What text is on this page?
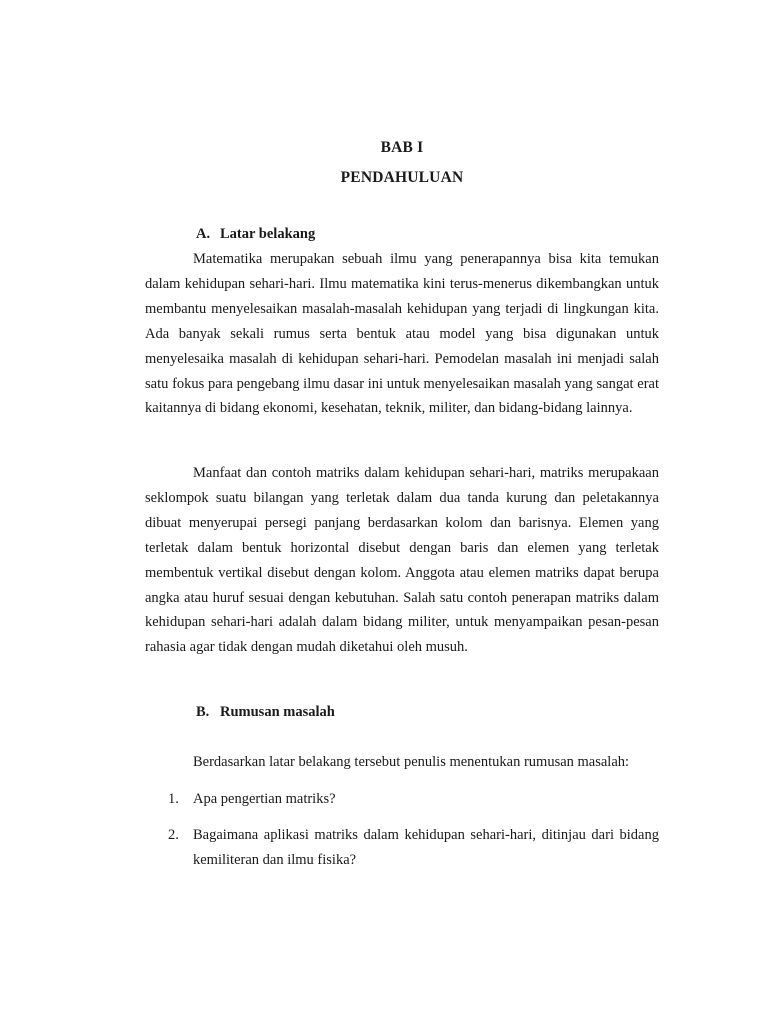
BAB I
PENDAHULUAN
A. Latar belakang

Matematika merupakan sebuah ilmu yang penerapannya bisa kita temukan dalam kehidupan sehari-hari. Ilmu matematika kini terus-menerus dikembangkan untuk membantu menyelesaikan masalah-masalah kehidupan yang terjadi di lingkungan kita. Ada banyak sekali rumus serta bentuk atau model yang bisa digunakan untuk menyelesaika masalah di kehidupan sehari-hari. Pemodelan masalah ini menjadi salah satu fokus para pengebang ilmu dasar ini untuk menyelesaikan masalah yang sangat erat kaitannya di bidang ekonomi, kesehatan, teknik, militer, dan bidang-bidang lainnya.

Manfaat dan contoh matriks dalam kehidupan sehari-hari, matriks merupakaan seklompok suatu bilangan yang terletak dalam dua tanda kurung dan peletakannya dibuat menyerupai persegi panjang berdasarkan kolom dan barisnya. Elemen yang terletak dalam bentuk horizontal disebut dengan baris dan elemen yang terletak membentuk vertikal disebut dengan kolom. Anggota atau elemen matriks dapat berupa angka atau huruf sesuai dengan kebutuhan. Salah satu contoh penerapan matriks dalam kehidupan sehari-hari adalah dalam bidang militer, untuk menyampaikan pesan-pesan rahasia agar tidak dengan mudah diketahui oleh musuh.

B. Rumusan masalah
Berdasarkan latar belakang tersebut penulis menentukan rumusan masalah:
1. Apa pengertian matriks?
2. Bagaimana aplikasi matriks dalam kehidupan sehari-hari, ditinjau dari bidang kemiliteran dan ilmu fisika?
